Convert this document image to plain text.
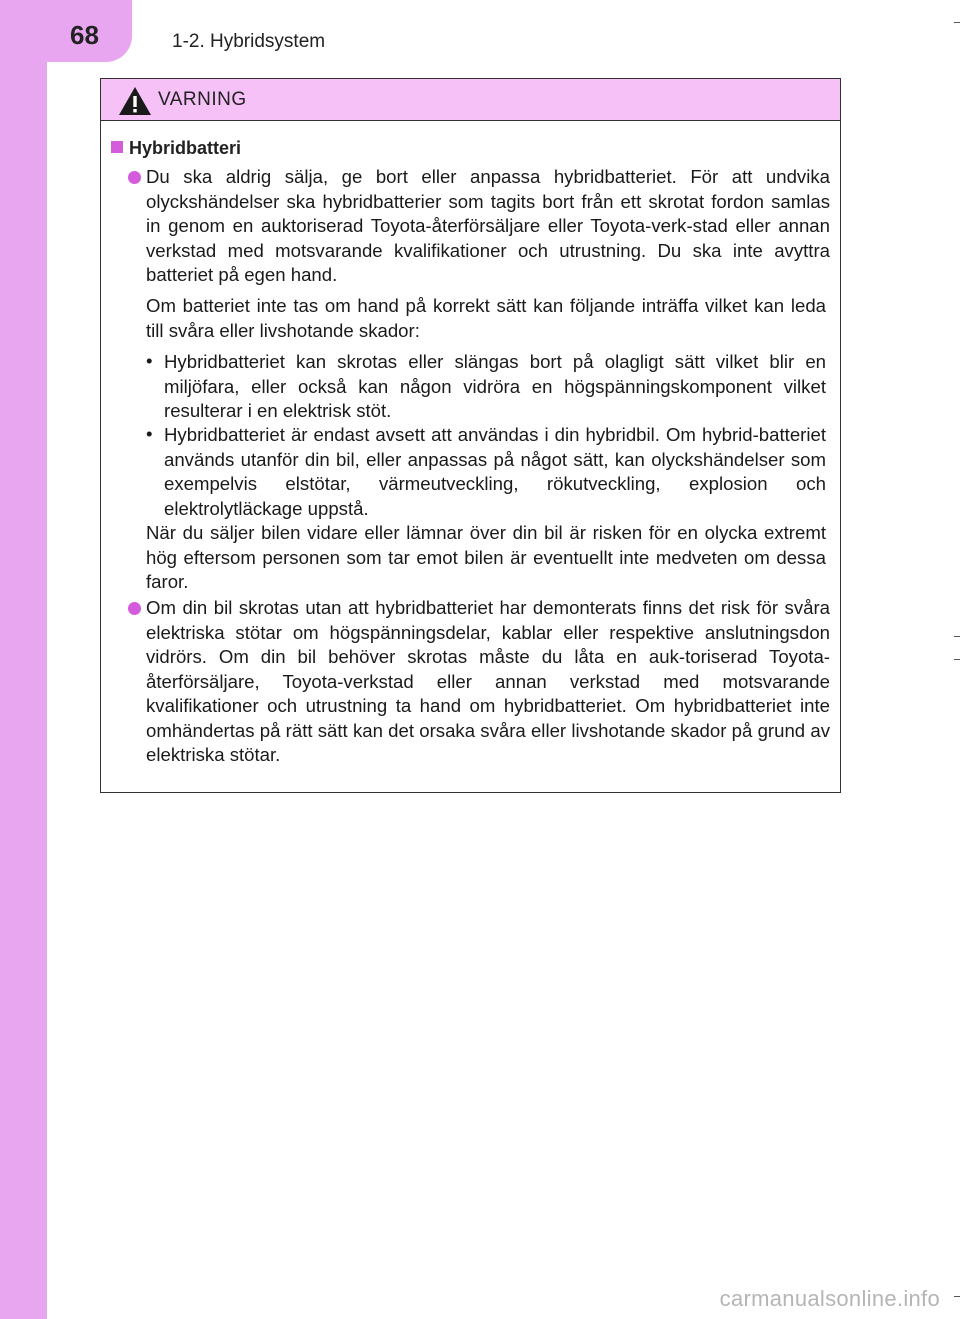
68	1-2. Hybridsystem
VARNING
Hybridbatteri
Du ska aldrig sälja, ge bort eller anpassa hybridbatteriet. För att undvika olyckshändelser ska hybridbatterier som tagits bort från ett skrotat fordon samlas in genom en auktoriserad Toyota-återförsäljare eller Toyota-verk-stad eller annan verkstad med motsvarande kvalifikationer och utrustning. Du ska inte avyttra batteriet på egen hand.
Om batteriet inte tas om hand på korrekt sätt kan följande inträffa vilket kan leda till svåra eller livshotande skador:
• Hybridbatteriet kan skrotas eller slängas bort på olagligt sätt vilket blir en miljöfara, eller också kan någon vidröra en högspänningskomponent vilket resulterar i en elektrisk stöt.
• Hybridbatteriet är endast avsett att användas i din hybridbil. Om hybrid-batteriet används utanför din bil, eller anpassas på något sätt, kan olyckshändelser som exempelvis elstötar, värmeutveckling, rökutveckling, explosion och elektrolytläckage uppstå.
När du säljer bilen vidare eller lämnar över din bil är risken för en olycka extremt hög eftersom personen som tar emot bilen är eventuellt inte medveten om dessa faror.
Om din bil skrotas utan att hybridbatteriet har demonterats finns det risk för svåra elektriska stötar om högspänningsdelar, kablar eller respektive anslutningsdon vidrörs. Om din bil behöver skrotas måste du låta en auk-toriserad Toyota-återförsäljare, Toyota-verkstad eller annan verkstad med motsvarande kvalifikationer och utrustning ta hand om hybridbatteriet. Om hybridbatteriet inte omhändertas på rätt sätt kan det orsaka svåra eller livshotande skador på grund av elektriska stötar.
carmanualsonline.info
